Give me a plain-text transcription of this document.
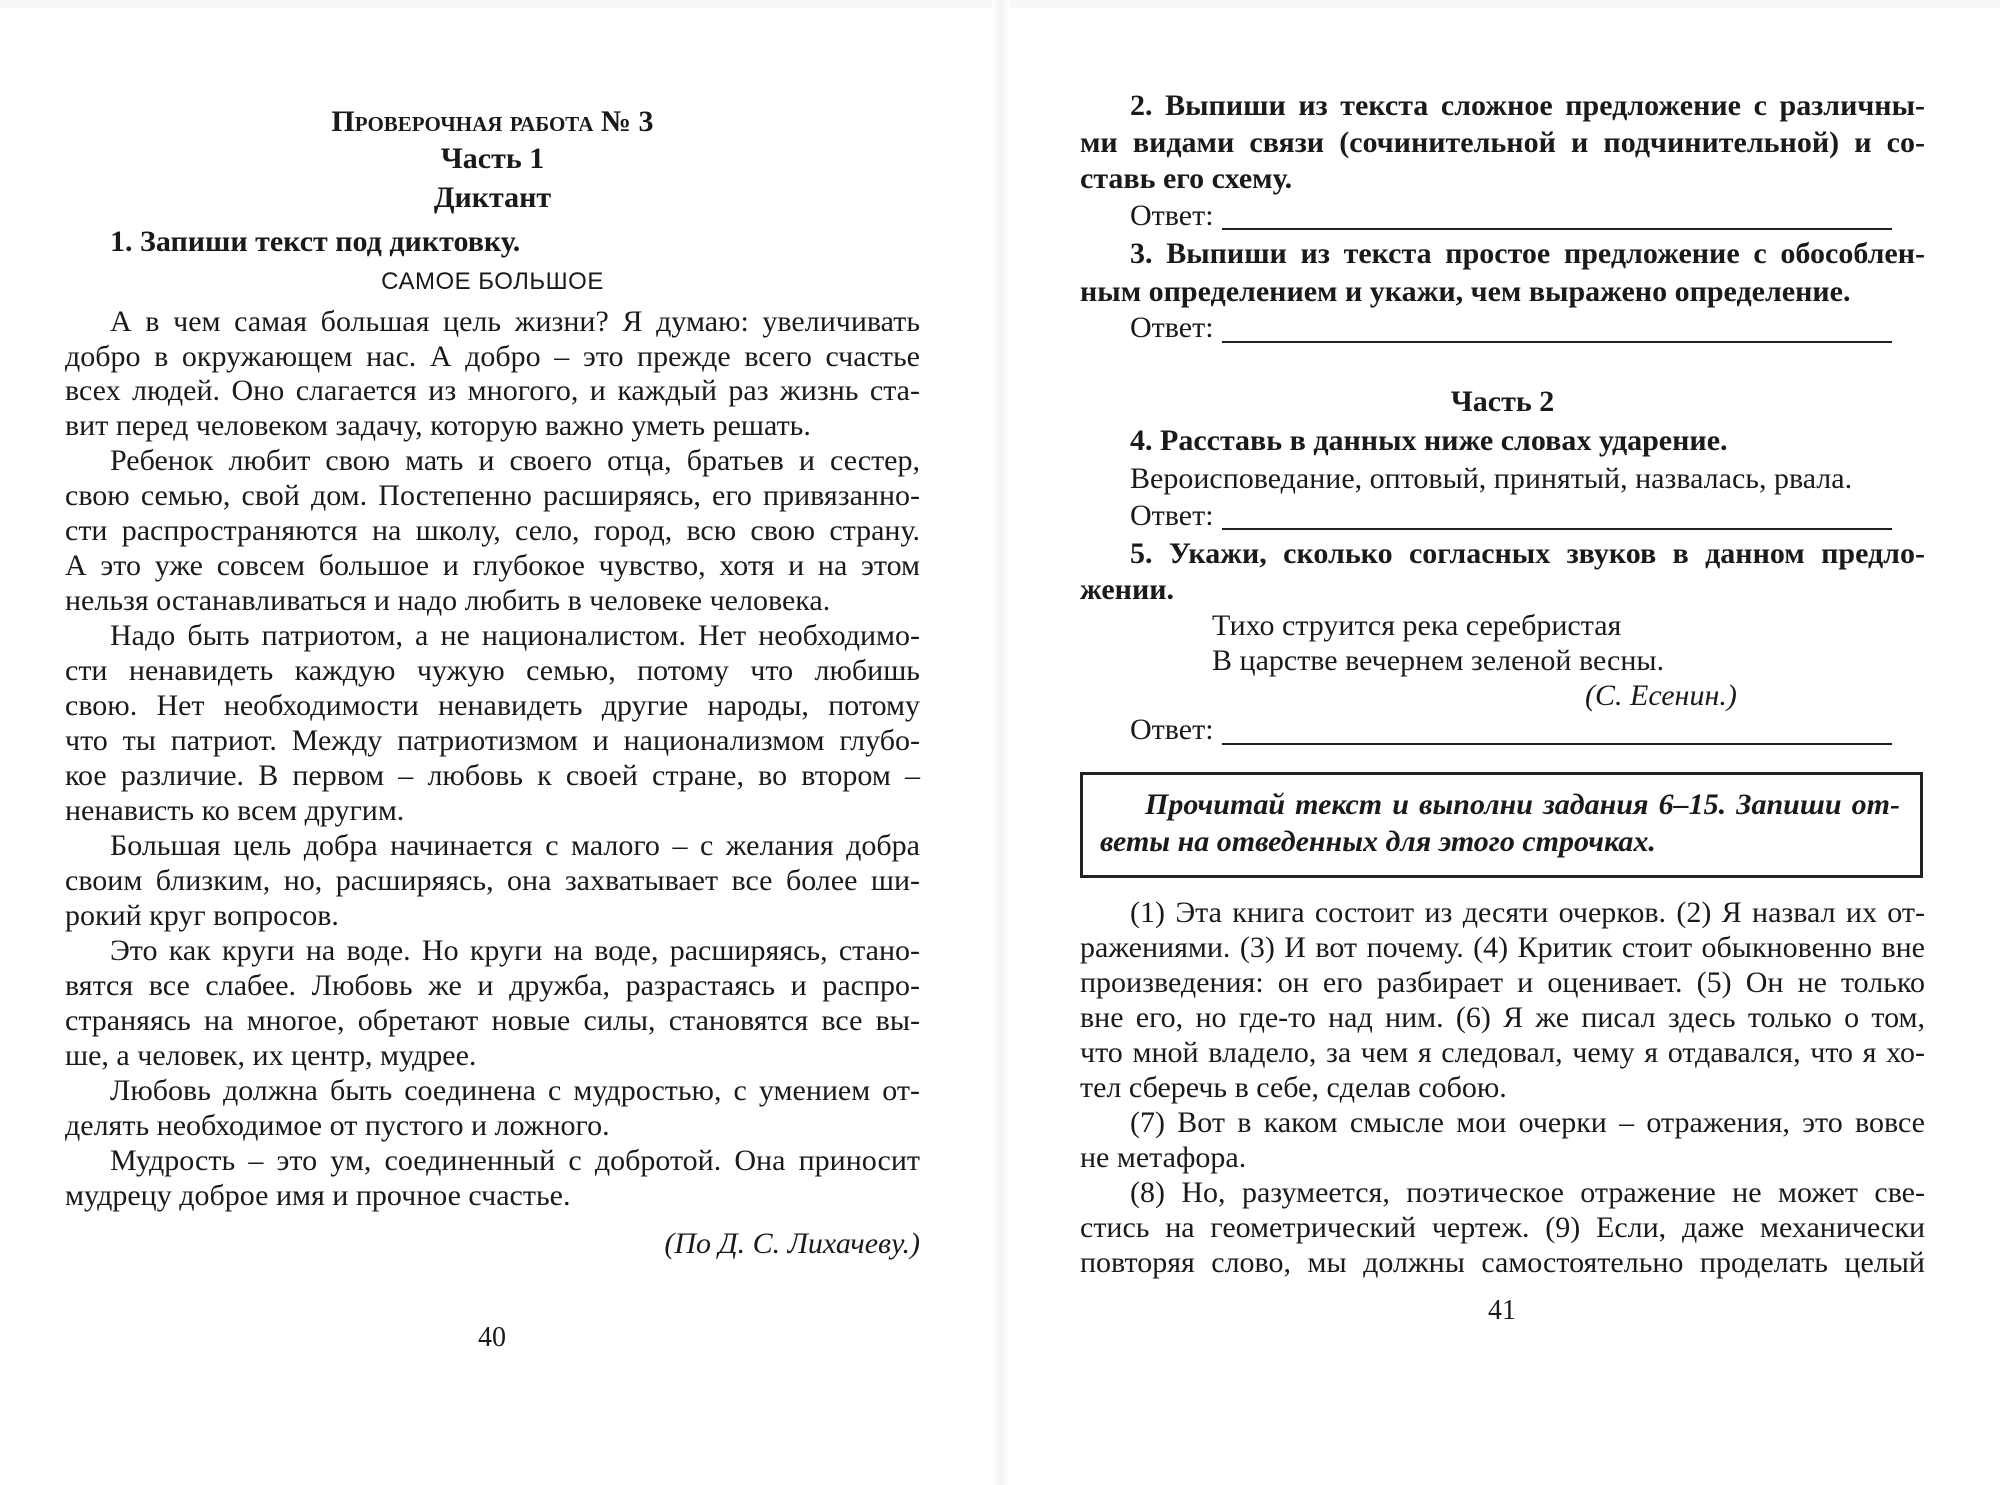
Проверочная работа № 3
Часть 1
Диктант
1. Запиши текст под диктовку.
САМОЕ БОЛЬШОЕ
А в чем самая большая цель жизни? Я думаю: увеличивать
добро в окружающем нас. А добро – это прежде всего счастье
всех людей. Оно слагается из многого, и каждый раз жизнь ста-
вит перед человеком задачу, которую важно уметь решать.
Ребенок любит свою мать и своего отца, братьев и сестер,
свою семью, свой дом. Постепенно расширяясь, его привязанно-
сти распространяются на школу, село, город, всю свою страну.
А это уже совсем большое и глубокое чувство, хотя и на этом
нельзя останавливаться и надо любить в человеке человека.
Надо быть патриотом, а не националистом. Нет необходимо-
сти ненавидеть каждую чужую семью, потому что любишь
свою. Нет необходимости ненавидеть другие народы, потому
что ты патриот. Между патриотизмом и национализмом глубо-
кое различие. В первом – любовь к своей стране, во втором –
ненависть ко всем другим.
Большая цель добра начинается с малого – с желания добра
своим близким, но, расширяясь, она захватывает все более ши-
рокий круг вопросов.
Это как круги на воде. Но круги на воде, расширяясь, стано-
вятся все слабее. Любовь же и дружба, разрастаясь и распро-
страняясь на многое, обретают новые силы, становятся все вы-
ше, а человек, их центр, мудрее.
Любовь должна быть соединена с мудростью, с умением от-
делять необходимое от пустого и ложного.
Мудрость – это ум, соединенный с добротой. Она приносит
мудрецу доброе имя и прочное счастье.
(По Д. С. Лихачеву.)
40
2. Выпиши из текста сложное предложение с различны-
ми видами связи (сочинительной и подчинительной) и со-
ставь его схему.
Ответ:
3. Выпиши из текста простое предложение с обособлен-
ным определением и укажи, чем выражено определение.
Ответ:
Часть 2
4. Расставь в данных ниже словах ударение.
Вероисповедание, оптовый, принятый, назвалась, рвала.
Ответ:
5. Укажи, сколько согласных звуков в данном предло-
жении.
Тихо струится река серебристая
В царстве вечернем зеленой весны.
(С. Есенин.)
Ответ:
Прочитай текст и выполни задания 6–15. Запиши от-
веты на отведенных для этого строчках.
(1) Эта книга состоит из десяти очерков. (2) Я назвал их от-
ражениями. (3) И вот почему. (4) Критик стоит обыкновенно вне
произведения: он его разбирает и оценивает. (5) Он не только
вне его, но где-то над ним. (6) Я же писал здесь только о том,
что мной владело, за чем я следовал, чему я отдавался, что я хо-
тел сберечь в себе, сделав собою.
(7) Вот в каком смысле мои очерки – отражения, это вовсе
не метафора.
(8) Но, разумеется, поэтическое отражение не может све-
стись на геометрический чертеж. (9) Если, даже механически
повторяя слово, мы должны самостоятельно проделать целый
41
